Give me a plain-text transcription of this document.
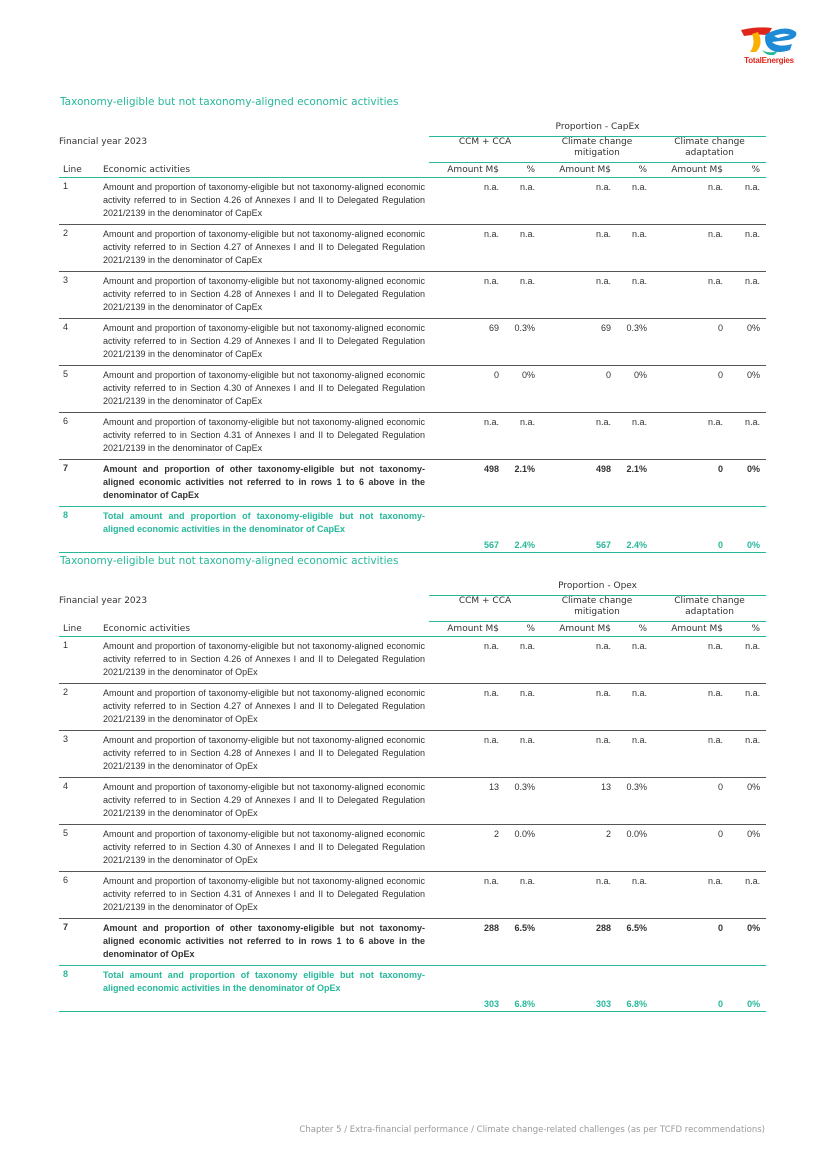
TotalEnergies
Taxonomy-eligible but not taxonomy-aligned economic activities
		Proportion - CapEx					
Financial year 2023		CCM + CCA		Climate change mitigation		Climate change adaptation	
Line	Economic activities	Amount M$	%	Amount M$	%	Amount M$	%
1	Amount and proportion of taxonomy-eligible but not taxonomy-aligned economic activity referred to in Section 4.26 of Annexes I and II to Delegated Regulation 2021/2139 in the denominator of CapEx	n.a.	n.a.	n.a.	n.a.	n.a.	n.a.
2	Amount and proportion of taxonomy-eligible but not taxonomy-aligned economic activity referred to in Section 4.27 of Annexes I and II to Delegated Regulation 2021/2139 in the denominator of CapEx	n.a.	n.a.	n.a.	n.a.	n.a.	n.a.
3	Amount and proportion of taxonomy-eligible but not taxonomy-aligned economic activity referred to in Section 4.28 of Annexes I and II to Delegated Regulation 2021/2139 in the denominator of CapEx	n.a.	n.a.	n.a.	n.a.	n.a.	n.a.
4	Amount and proportion of taxonomy-eligible but not taxonomy-aligned economic activity referred to in Section 4.29 of Annexes I and II to Delegated Regulation 2021/2139 in the denominator of CapEx	69	0.3%	69	0.3%	0	0%
5	Amount and proportion of taxonomy-eligible but not taxonomy-aligned economic activity referred to in Section 4.30 of Annexes I and II to Delegated Regulation 2021/2139 in the denominator of CapEx	0	0%	0	0%	0	0%
6	Amount and proportion of taxonomy-eligible but not taxonomy-aligned economic activity referred to in Section 4.31 of Annexes I and II to Delegated Regulation 2021/2139 in the denominator of CapEx	n.a.	n.a.	n.a.	n.a.	n.a.	n.a.
7	Amount and proportion of other taxonomy-eligible but not taxonomy-aligned economic activities not referred to in rows 1 to 6 above in the denominator of CapEx	498	2.1%	498	2.1%	0	0%
8	Total amount and proportion of taxonomy-eligible but not taxonomy-aligned economic activities in the denominator of CapEx	567	2.4%	567	2.4%	0	0%
Taxonomy-eligible but not taxonomy-aligned economic activities
		Proportion - Opex					
Financial year 2023		CCM + CCA		Climate change mitigation		Climate change adaptation	
Line	Economic activities	Amount M$	%	Amount M$	%	Amount M$	%
1	Amount and proportion of taxonomy-eligible but not taxonomy-aligned economic activity referred to in Section 4.26 of Annexes I and II to Delegated Regulation 2021/2139 in the denominator of OpEx	n.a.	n.a.	n.a.	n.a.	n.a.	n.a.
2	Amount and proportion of taxonomy-eligible but not taxonomy-aligned economic activity referred to in Section 4.27 of Annexes I and II to Delegated Regulation 2021/2139 in the denominator of OpEx	n.a.	n.a.	n.a.	n.a.	n.a.	n.a.
3	Amount and proportion of taxonomy-eligible but not taxonomy-aligned economic activity referred to in Section 4.28 of Annexes I and II to Delegated Regulation 2021/2139 in the denominator of OpEx	n.a.	n.a.	n.a.	n.a.	n.a.	n.a.
4	Amount and proportion of taxonomy-eligible but not taxonomy-aligned economic activity referred to in Section 4.29 of Annexes I and II to Delegated Regulation 2021/2139 in the denominator of OpEx	13	0.3%	13	0.3%	0	0%
5	Amount and proportion of taxonomy-eligible but not taxonomy-aligned economic activity referred to in Section 4.30 of Annexes I and II to Delegated Regulation 2021/2139 in the denominator of OpEx	2	0.0%	2	0.0%	0	0%
6	Amount and proportion of taxonomy-eligible but not taxonomy-aligned economic activity referred to in Section 4.31 of Annexes I and II to Delegated Regulation 2021/2139 in the denominator of OpEx	n.a.	n.a.	n.a.	n.a.	n.a.	n.a.
7	Amount and proportion of other taxonomy-eligible but not taxonomy-aligned economic activities not referred to in rows 1 to 6 above in the denominator of OpEx	288	6.5%	288	6.5%	0	0%
8	Total amount and proportion of taxonomy eligible but not taxonomy-aligned economic activities in the denominator of OpEx	303	6.8%	303	6.8%	0	0%
Chapter 5 / Extra-financial performance / Climate change-related challenges (as per TCFD recommendations)
